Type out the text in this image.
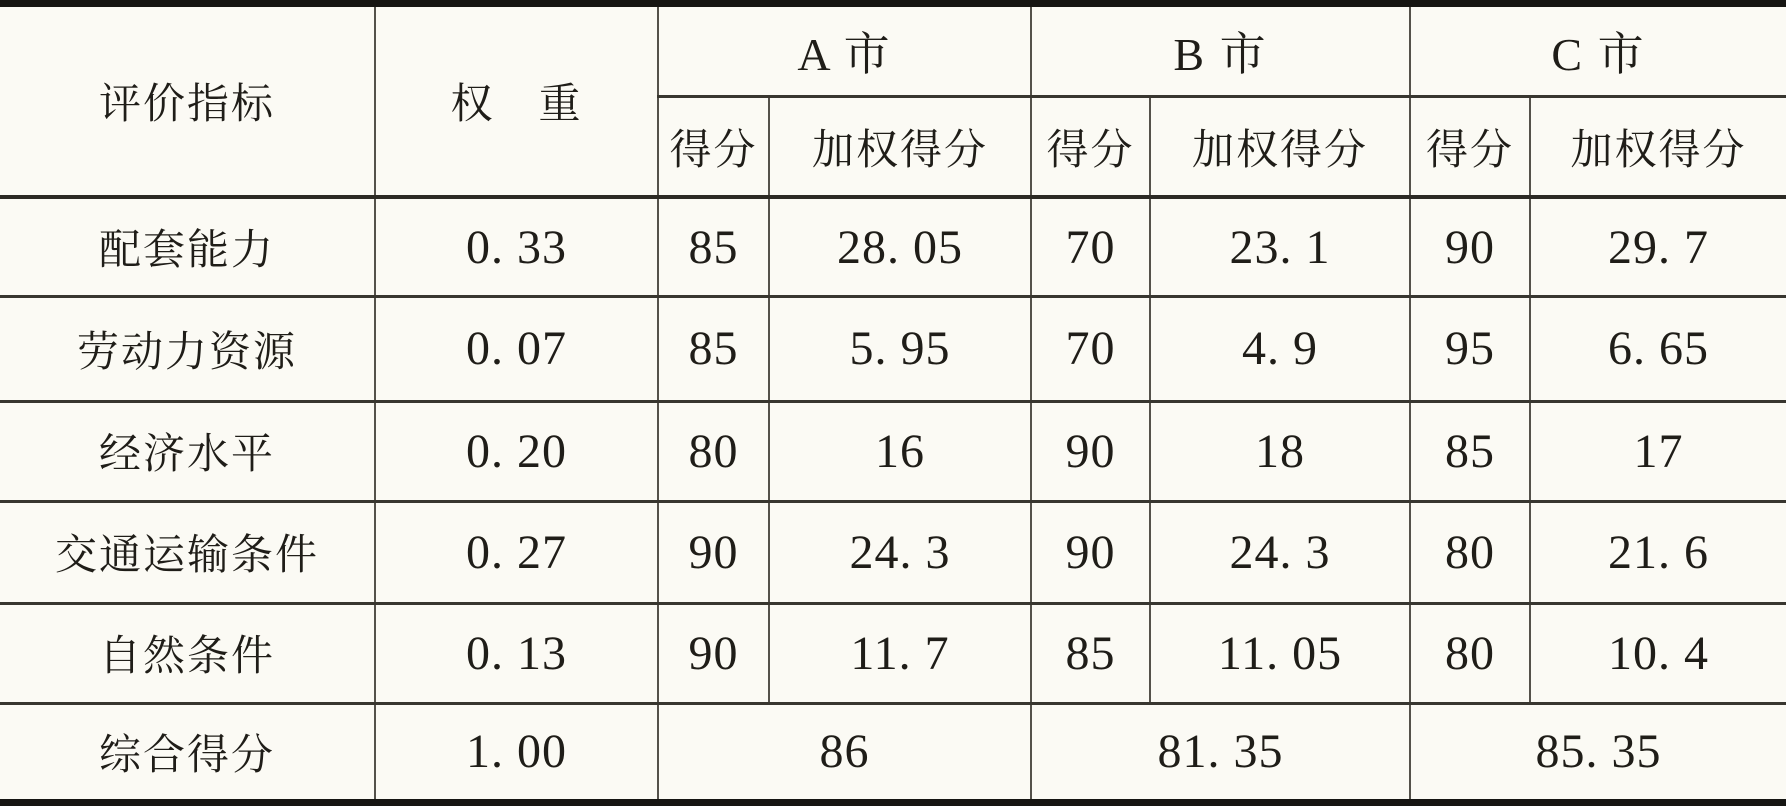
评价指标	权　重	A 市		B 市		C 市	
		得分	加权得分	得分	加权得分	得分	加权得分
配套能力	0. 33	85	28. 05	70	23. 1	90	29. 7
劳动力资源	0. 07	85	5. 95	70	4. 9	95	6. 65
经济水平	0. 20	80	16	90	18	85	17
交通运输条件	0. 27	90	24. 3	90	24. 3	80	21. 6
自然条件	0. 13	90	11. 7	85	11. 05	80	10. 4
综合得分	1. 00	86		81. 35		85. 35	
